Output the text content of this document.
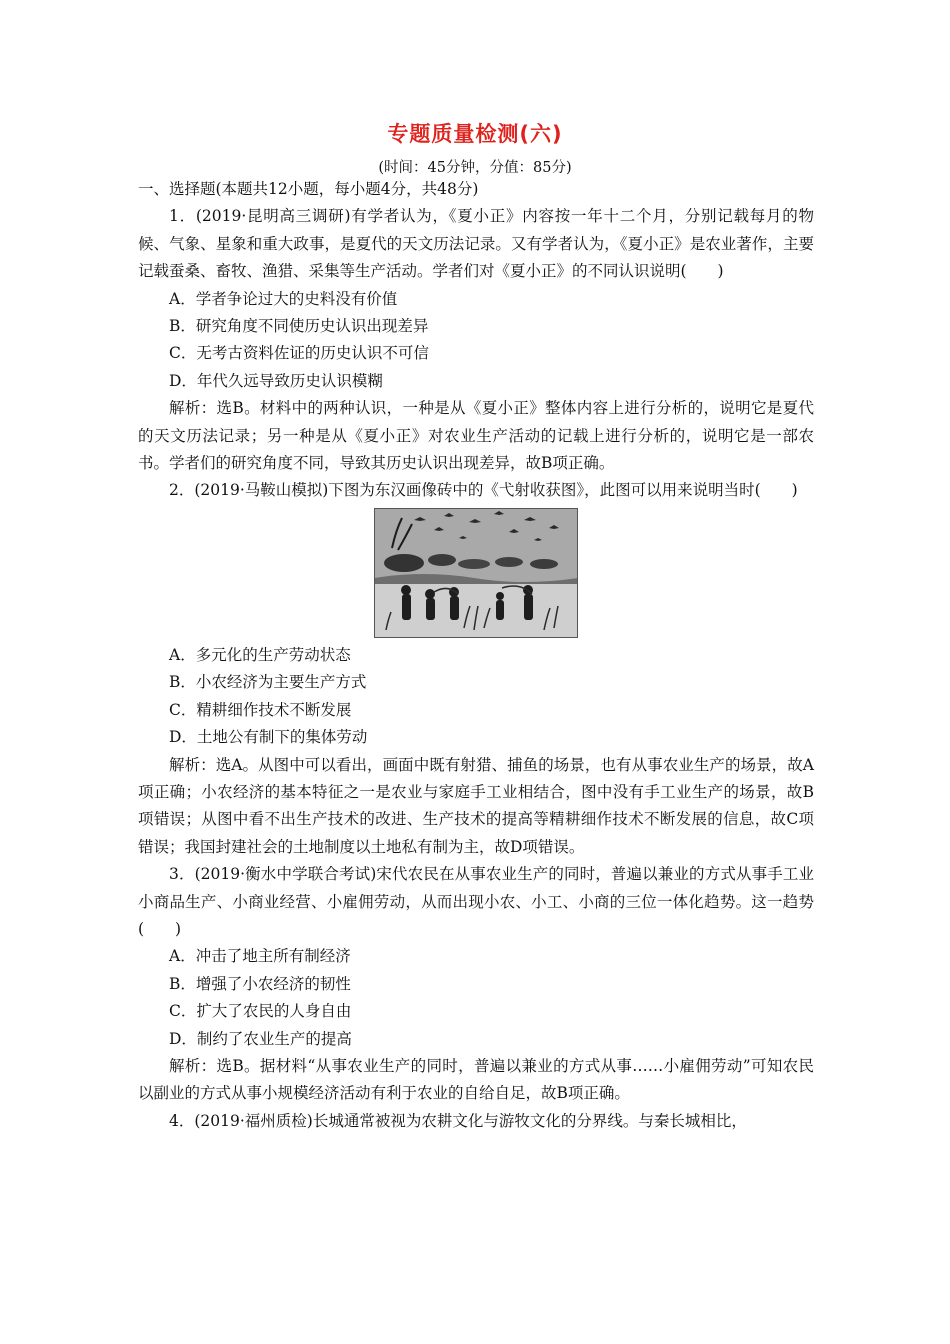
专题质量检测(六)
(时间：45分钟，分值：85分)

一、选择题(本题共12小题，每小题4分，共48分)

1．(2019·昆明高三调研)有学者认为，《夏小正》内容按一年十二个月，分别记载每月的物候、气象、星象和重大政事，是夏代的天文历法记录。又有学者认为，《夏小正》是农业著作，主要记载蚕桑、畜牧、渔猎、采集等生产活动。学者们对《夏小正》的不同认识说明(　　)

A．学者争论过大的史料没有价值

B．研究角度不同使历史认识出现差异

C．无考古资料佐证的历史认识不可信

D．年代久远导致历史认识模糊

解析：选B。材料中的两种认识，一种是从《夏小正》整体内容上进行分析的，说明它是夏代的天文历法记录；另一种是从《夏小正》对农业生产活动的记载上进行分析的，说明它是一部农书。学者们的研究角度不同，导致其历史认识出现差异，故B项正确。

2．(2019·马鞍山模拟)下图为东汉画像砖中的《弋射收获图》，此图可以用来说明当时(　　)

A．多元化的生产劳动状态

B．小农经济为主要生产方式

C．精耕细作技术不断发展

D．土地公有制下的集体劳动

解析：选A。从图中可以看出，画面中既有射猎、捕鱼的场景，也有从事农业生产的场景，故A项正确；小农经济的基本特征之一是农业与家庭手工业相结合，图中没有手工业生产的场景，故B项错误；从图中看不出生产技术的改进、生产技术的提高等精耕细作技术不断发展的信息，故C项错误；我国封建社会的土地制度以土地私有制为主，故D项错误。

3．(2019·衡水中学联合考试)宋代农民在从事农业生产的同时，普遍以兼业的方式从事手工业小商品生产、小商业经营、小雇佣劳动，从而出现小农、小工、小商的三位一体化趋势。这一趋势(　　)

A．冲击了地主所有制经济

B．增强了小农经济的韧性

C．扩大了农民的人身自由

D．制约了农业生产的提高

解析：选B。据材料“从事农业生产的同时，普遍以兼业的方式从事……小雇佣劳动”可知农民以副业的方式从事小规模经济活动有利于农业的自给自足，故B项正确。

4．(2019·福州质检)长城通常被视为农耕文化与游牧文化的分界线。与秦长城相比，
